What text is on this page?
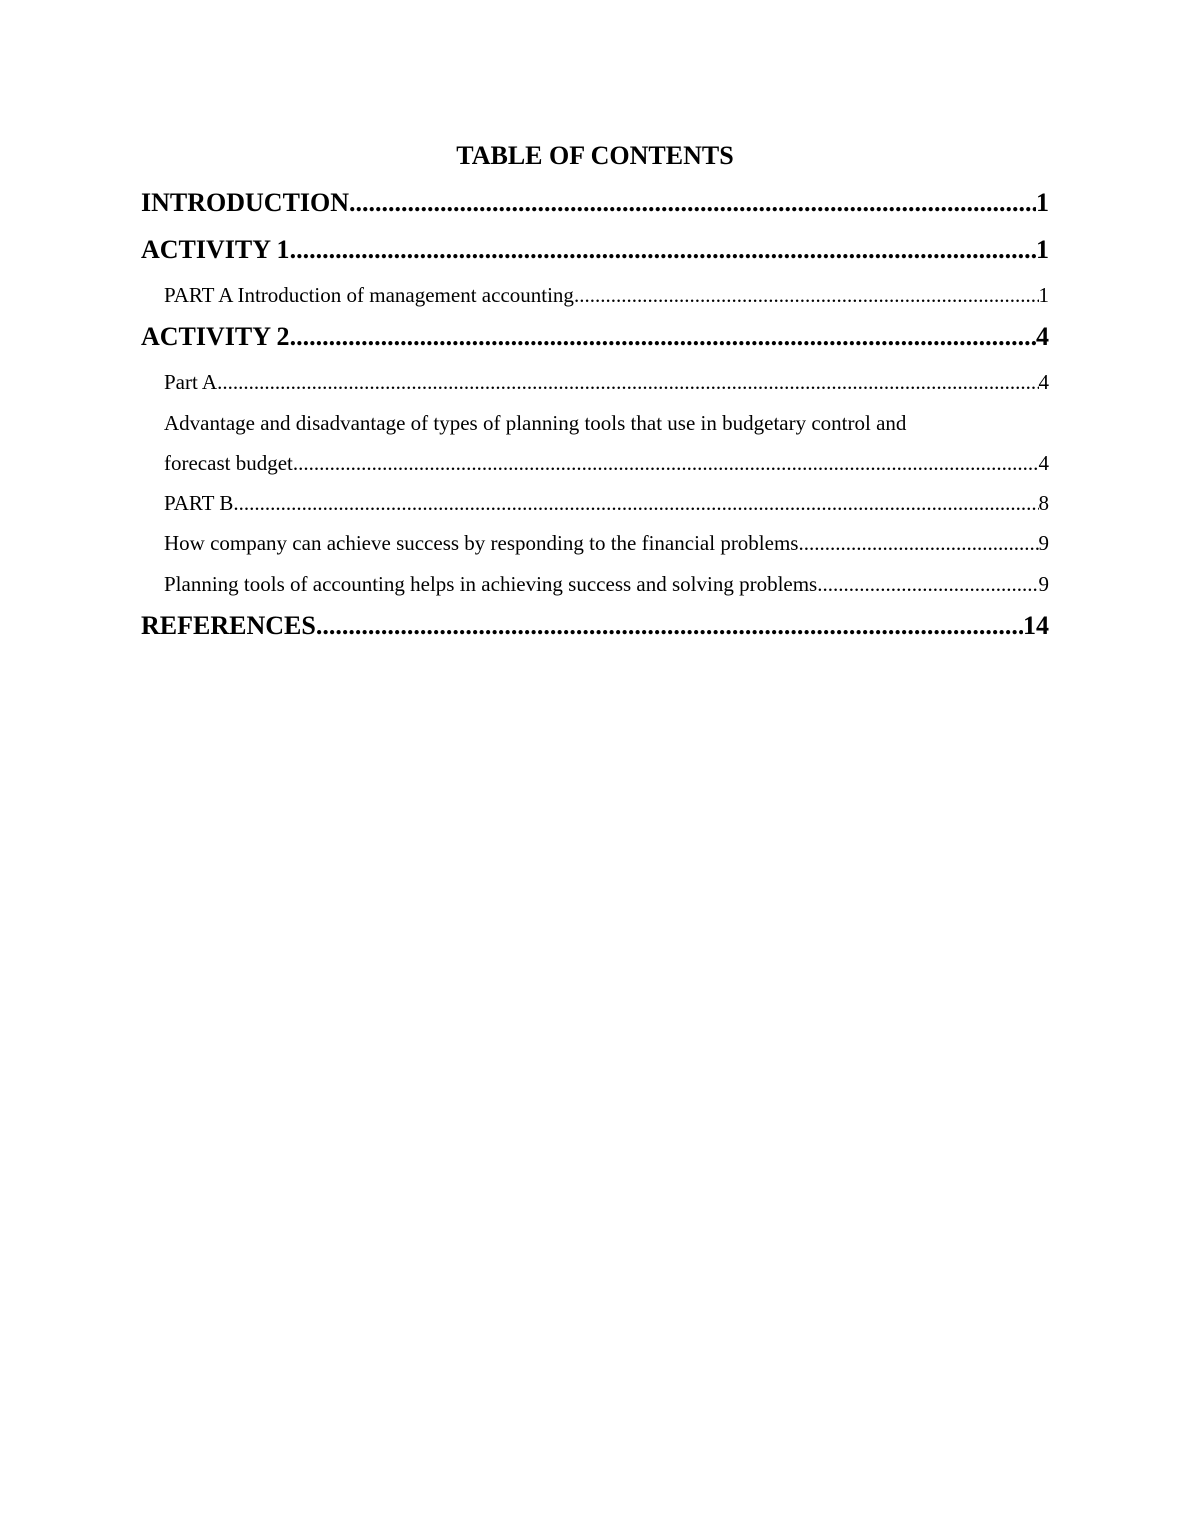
TABLE OF CONTENTS
INTRODUCTION .....	1
ACTIVITY 1 .....	1
PART A Introduction of management accounting .....	1
ACTIVITY 2 .....	4
Part A .....	4
Advantage and disadvantage of types of planning tools that use in budgetary control and
forecast budget .....	4
PART B .....	8
How company can achieve success by responding to the financial problems .....	9
Planning tools of accounting helps in achieving success and solving problems .....	9
REFERENCES .....	14
